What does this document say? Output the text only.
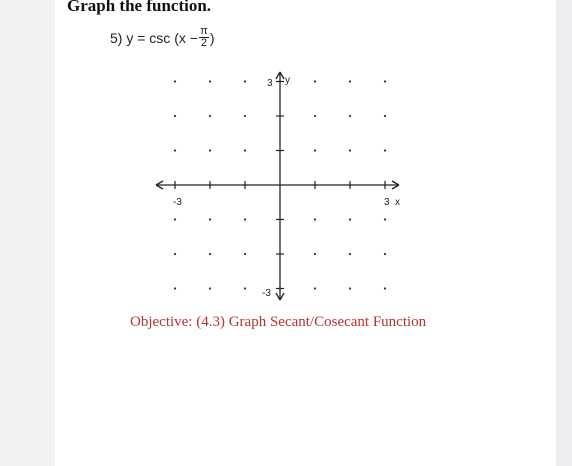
Graph the function.
5)
$y = \csc (x - \frac{\pi}{2}$ )
-3	3 x
3 y
-3
Objective: (4.3) Graph Secant/Cosecant Function
